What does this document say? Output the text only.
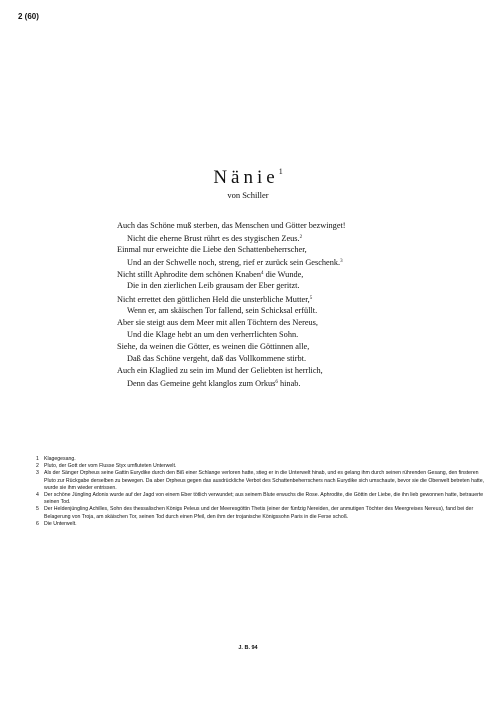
2 (60)
Nänie$^1$
von Schiller
Auch das Schöne muß sterben, das Menschen und Götter bezwinget!
Nicht die eherne Brust rührt es des stygischen Zeus.$^2$
Einmal nur erweichte die Liebe den Schattenbeherrscher,
Und an der Schwelle noch, streng, rief er zurück sein Geschenk.$^3$
Nicht stillt Aphrodite dem schönen Knaben$^4$ die Wunde,
Die in den zierlichen Leib grausam der Eber geritzt.
Nicht errettet den göttlichen Held die unsterbliche Mutter,$^5$
Wenn er, am skäischen Tor fallend, sein Schicksal erfüllt.
Aber sie steigt aus dem Meer mit allen Töchtern des Nereus,
Und die Klage hebt an um den verherrlichten Sohn.
Siehe, da weinen die Götter, es weinen die Göttinnen alle,
Daß das Schöne vergeht, daß das Vollkommene stirbt.
Auch ein Klaglied zu sein im Mund der Geliebten ist herrlich,
Denn das Gemeine geht klanglos zum Orkus$^6$ hinab.
1 Klagegesang.
2 Pluto, der Gott der vom Flusse Styx umfluteten Unterwelt.
3 Als der Sänger Orpheus seine Gattin Eurydike durch den Biß einer Schlange verloren hatte, stieg er in die Unterwelt hinab, und es gelang ihm durch seinen rührenden Gesang, den finsteren Pluto zur Rückgabe derselben zu bewegen. Da aber Orpheus gegen das ausdrückliche Verbot des Schattenbeherrschers nach Eurydike sich umschaute, bevor sie die Oberwelt betreten hatte, wurde sie ihm wieder entrissen.
4 Der schöne Jüngling Adonis wurde auf der Jagd von einem Eber tötlich verwundet; aus seinem Blute erwuchs die Rose. Aphrodite, die Göttin der Liebe, die ihn lieb gewonnen hatte, betrauerte seinen Tod.
5 Der Heldenjüngling Achilles, Sohn des thessalischen Königs Peleus und der Meeresgöttin Thetis (einer der fünfzig Nereiden, der anmutigen Töchter des Meergreises Nereus), fand bei der Belagerung von Troja, am skäischen Tor, seinen Tod durch einen Pfeil, den ihm der trojanische Königssohn Paris in die Ferse schoß.
6 Die Unterwelt.
J. B. 94
